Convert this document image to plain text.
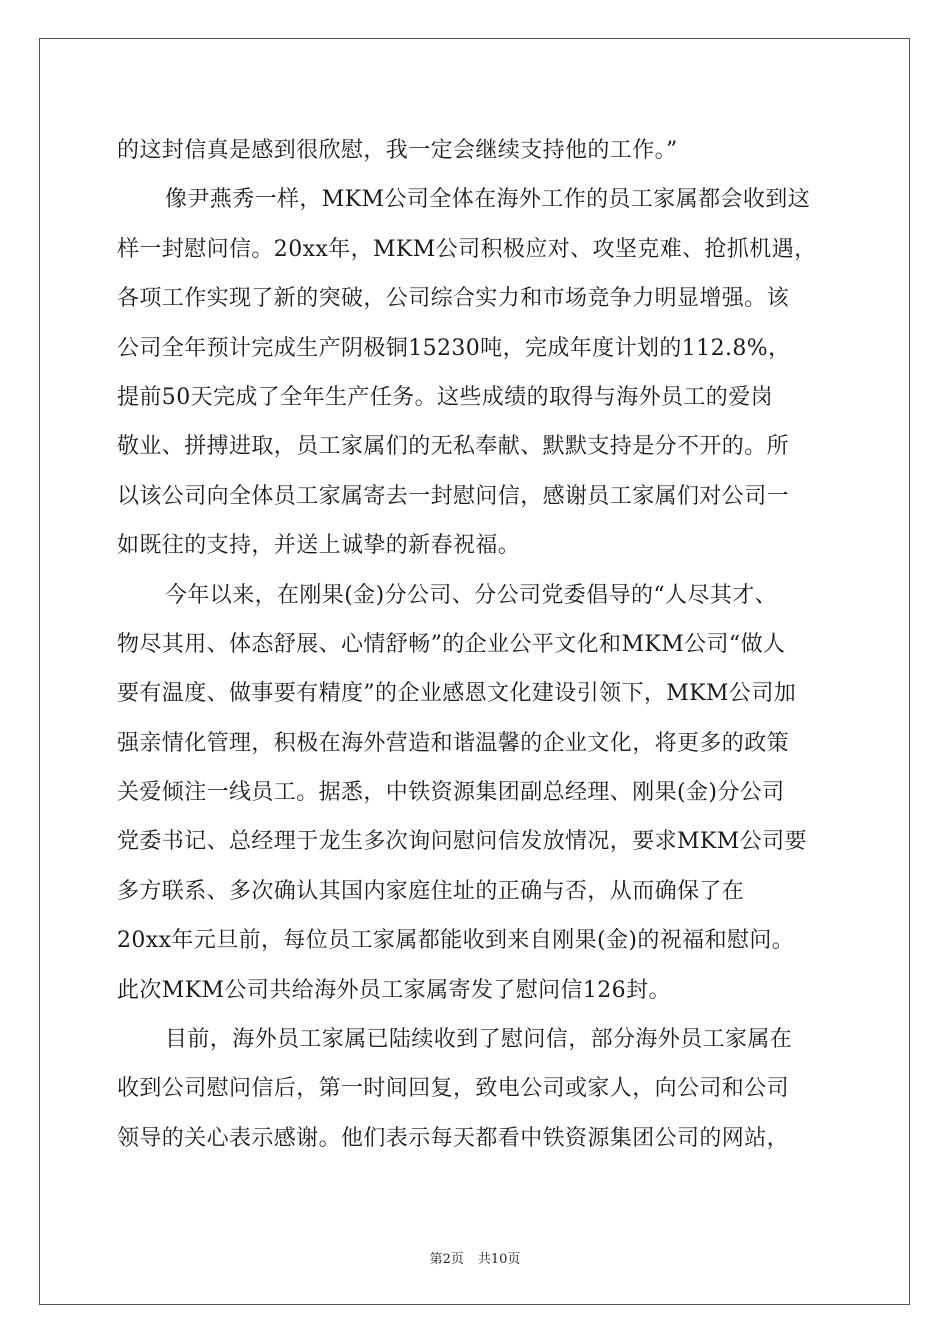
的这封信真是感到很欣慰，我一定会继续支持他的工作。”
像尹燕秀一样，MKM公司全体在海外工作的员工家属都会收到这
样一封慰问信。20xx年，MKM公司积极应对、攻坚克难、抢抓机遇，
各项工作实现了新的突破，公司综合实力和市场竞争力明显增强。该
公司全年预计完成生产阴极铜15230吨，完成年度计划的112.8%，
提前50天完成了全年生产任务。这些成绩的取得与海外员工的爱岗
敬业、拼搏进取，员工家属们的无私奉献、默默支持是分不开的。所
以该公司向全体员工家属寄去一封慰问信，感谢员工家属们对公司一
如既往的支持，并送上诚挚的新春祝福。
今年以来，在刚果(金)分公司、分公司党委倡导的“人尽其才、
物尽其用、体态舒展、心情舒畅”的企业公平文化和MKM公司“做人
要有温度、做事要有精度”的企业感恩文化建设引领下，MKM公司加
强亲情化管理，积极在海外营造和谐温馨的企业文化，将更多的政策
关爱倾注一线员工。据悉，中铁资源集团副总经理、刚果(金)分公司
党委书记、总经理于龙生多次询问慰问信发放情况，要求MKM公司要
多方联系、多次确认其国内家庭住址的正确与否，从而确保了在
20xx年元旦前，每位员工家属都能收到来自刚果(金)的祝福和慰问。
此次MKM公司共给海外员工家属寄发了慰问信126封。
目前，海外员工家属已陆续收到了慰问信，部分海外员工家属在
收到公司慰问信后，第一时间回复，致电公司或家人，向公司和公司
领导的关心表示感谢。他们表示每天都看中铁资源集团公司的网站，
第2页 共10页
